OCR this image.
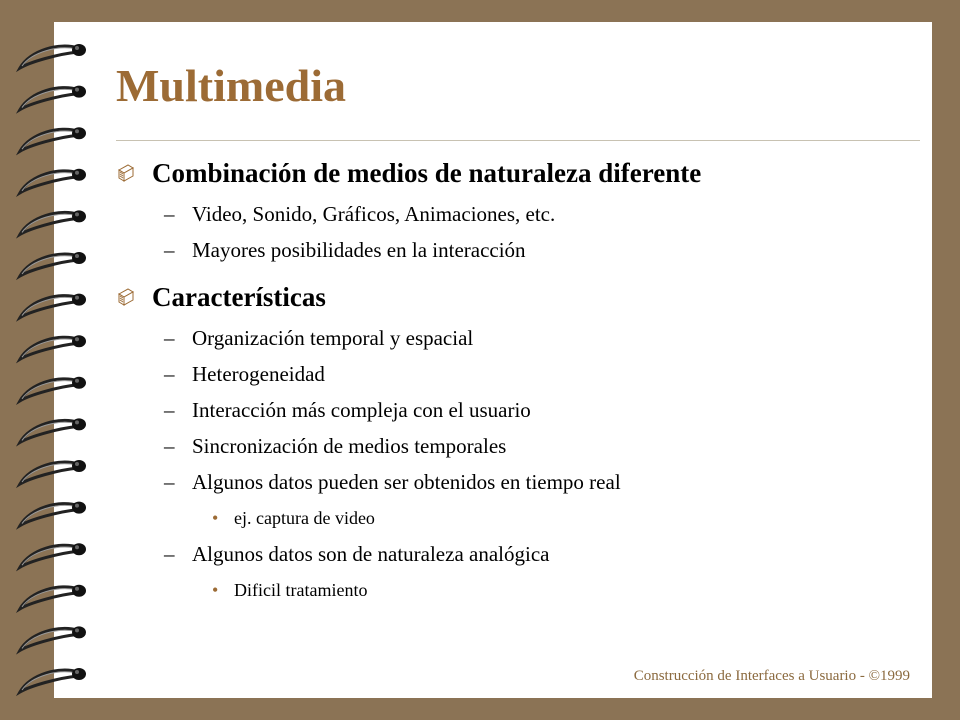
Multimedia
Combinación de medios de naturaleza diferente
– Video, Sonido, Gráficos, Animaciones, etc.
– Mayores posibilidades en la interacción
Características
– Organización temporal y espacial
– Heterogeneidad
– Interacción más compleja con el usuario
– Sincronización de medios temporales
– Algunos datos pueden ser obtenidos en tiempo real
• ej. captura de video
– Algunos datos son de naturaleza analógica
• Dificil tratamiento
Construcción de Interfaces a Usuario - ©1999
